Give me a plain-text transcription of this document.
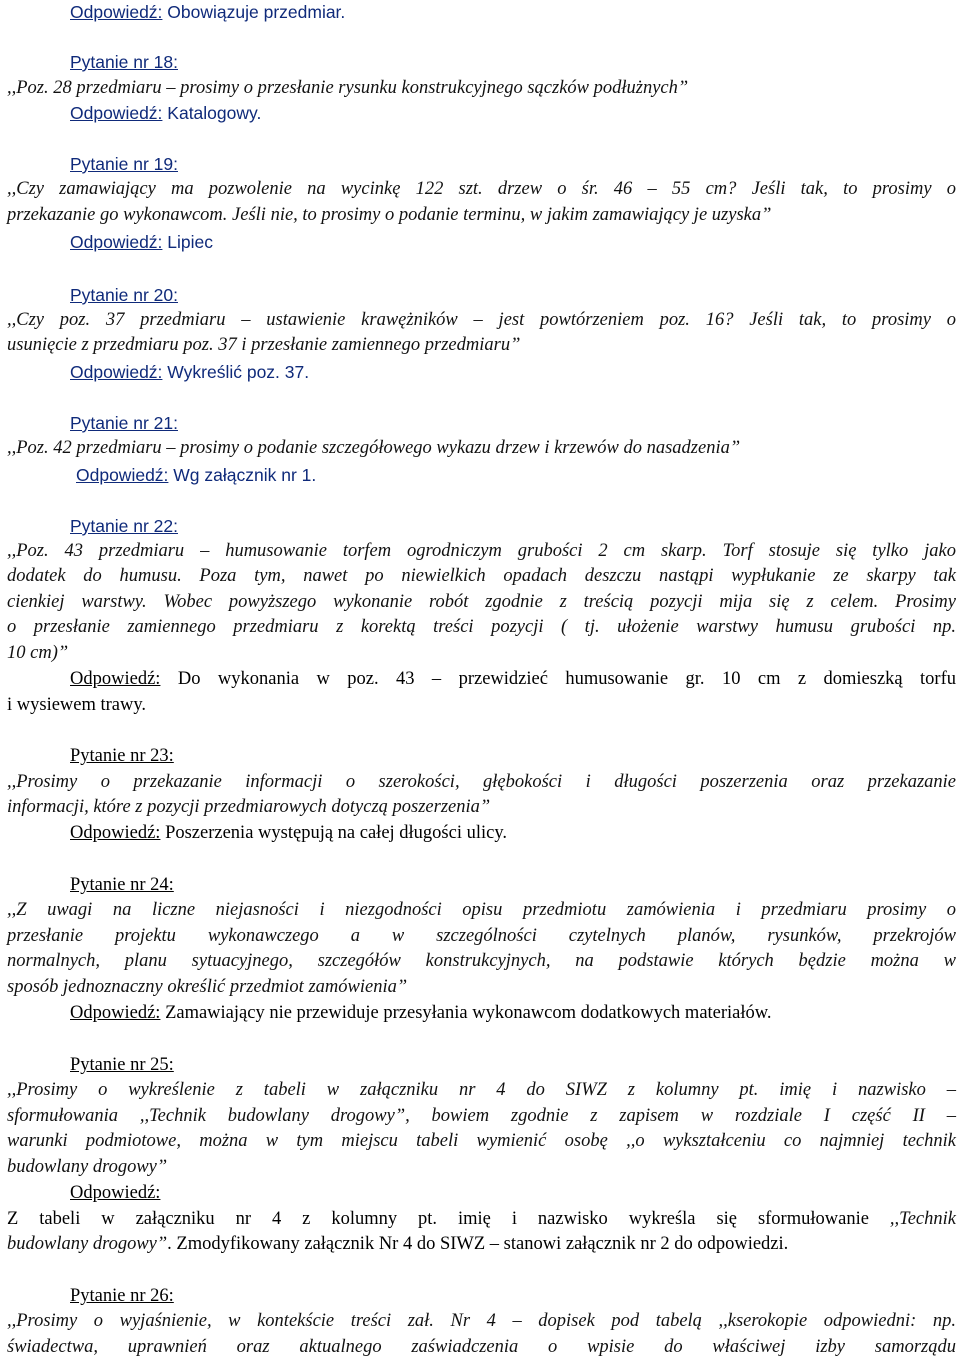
Odpowiedź: Obowiązuje przedmiar.
Pytanie nr 18:
,,Poz. 28 przedmiaru – prosimy o przesłanie rysunku konstrukcyjnego sączków podłużnych”
Odpowiedź: Katalogowy.
Pytanie nr 19:
,,Czy zamawiający ma pozwolenie na wycinkę 122 szt. drzew o śr. 46 – 55 cm? Jeśli tak, to prosimy o
przekazanie go wykonawcom. Jeśli nie, to prosimy o podanie terminu, w jakim zamawiający je uzyska”
Odpowiedź: Lipiec
Pytanie nr 20:
,,Czy poz. 37 przedmiaru – ustawienie krawężników – jest powtórzeniem poz. 16? Jeśli tak, to prosimy o
usunięcie z przedmiaru poz. 37 i przesłanie zamiennego przedmiaru”
Odpowiedź: Wykreślić poz. 37.
Pytanie nr 21:
,,Poz. 42 przedmiaru – prosimy o podanie szczegółowego wykazu drzew i krzewów do nasadzenia”
Odpowiedź: Wg załącznik nr 1.
Pytanie nr 22:
,,Poz. 43 przedmiaru – humusowanie torfem ogrodniczym grubości 2 cm skarp. Torf stosuje się tylko jako
dodatek do humusu. Poza tym, nawet po niewielkich opadach deszczu nastąpi wypłukanie ze skarpy tak
cienkiej warstwy. Wobec powyższego wykonanie robót zgodnie z treścią pozycji mija się z celem. Prosimy
o przesłanie zamiennego przedmiaru z korektą treści pozycji ( tj. ułożenie warstwy humusu grubości np.
10 cm)”
Odpowiedź: Do wykonania w poz. 43 – przewidzieć humusowanie gr. 10 cm z domieszką torfu
i wysiewem trawy.
Pytanie nr 23:
,,Prosimy o przekazanie informacji o szerokości, głębokości i długości poszerzenia oraz przekazanie
informacji, które z pozycji przedmiarowych dotyczą poszerzenia”
Odpowiedź: Poszerzenia występują na całej długości ulicy.
Pytanie nr 24:
,,Z uwagi na liczne niejasności i niezgodności opisu przedmiotu zamówienia i przedmiaru prosimy o
przesłanie projektu wykonawczego a w szczególności czytelnych planów, rysunków, przekrojów
normalnych, planu sytuacyjnego, szczegółów konstrukcyjnych, na podstawie których będzie można w
sposób jednoznaczny określić przedmiot zamówienia”
Odpowiedź: Zamawiający nie przewiduje przesyłania wykonawcom dodatkowych materiałów.
Pytanie nr 25:
,,Prosimy o wykreślenie z tabeli w załączniku nr 4 do SIWZ z kolumny pt. imię i nazwisko –
sformułowania ,,Technik budowlany drogowy”, bowiem zgodnie z zapisem w rozdziale I część II –
warunki podmiotowe, można w tym miejscu tabeli wymienić osobę ,,o wykształceniu co najmniej technik
budowlany drogowy”
Odpowiedź:
Z tabeli w załączniku nr 4 z kolumny pt. imię i nazwisko wykreśla się sformułowanie ,,Technik
budowlany drogowy”. Zmodyfikowany załącznik Nr 4 do SIWZ – stanowi załącznik nr 2 do odpowiedzi.
Pytanie nr 26:
,,Prosimy o wyjaśnienie, w kontekście treści zał. Nr 4 – dopisek pod tabelą ,,kserokopie odpowiedni: np.
świadectwa, uprawnień oraz aktualnego zaświadczenia o wpisie do właściwej izby samorządu
